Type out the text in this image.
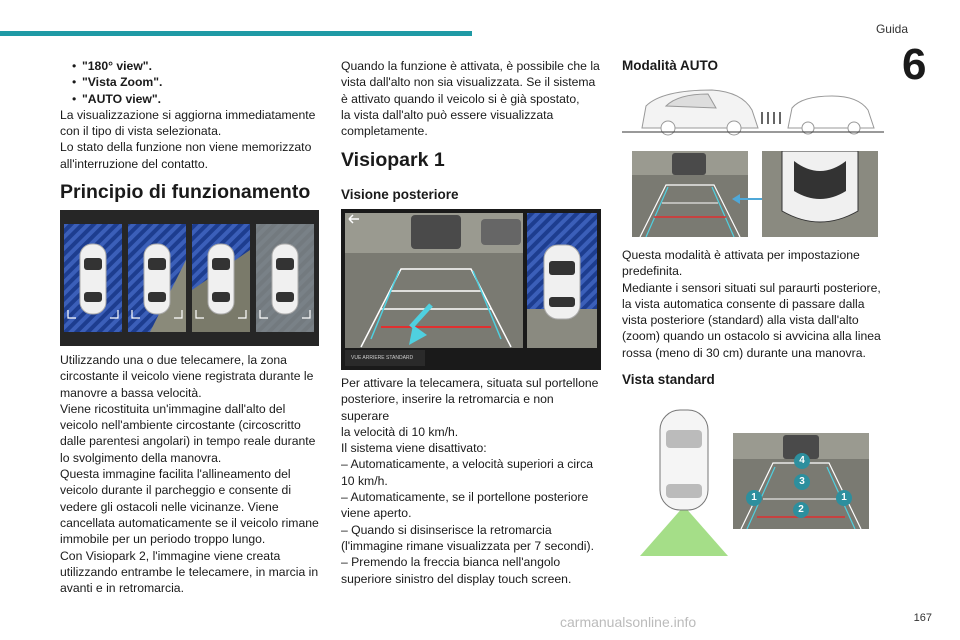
Guida
6
• "180° view".
• "Vista Zoom".
• "AUTO view".

La visualizzazione si aggiorna immediatamente
con il tipo di vista selezionata.
Lo stato della funzione non viene memorizzato
all'interruzione del contatto.

Principio di funzionamento

Utilizzando una o due telecamere, la zona
circostante il veicolo viene registrata durante le
manovre a bassa velocità.
Viene ricostituita un'immagine dall'alto del
veicolo nell'ambiente circostante (circoscritto
dalle parentesi angolari) in tempo reale durante
lo svolgimento della manovra.
Questa immagine facilita l'allineamento del
veicolo durante il parcheggio e consente di
vedere gli ostacoli nelle vicinanze. Viene
cancellata automaticamente se il veicolo rimane
immobile per un periodo troppo lungo.
Con Visiopark 2, l'immagine viene creata
utilizzando entrambe le telecamere, in marcia in
avanti e in retromarcia.

Quando la funzione è attivata, è possibile che la
vista dall'alto non sia visualizzata. Se il sistema
è attivato quando il veicolo si è già spostato,
la vista dall'alto può essere visualizzata
completamente.

Visiopark 1
Visione posteriore
VUE ARRIERE STANDARD

Per attivare la telecamera, situata sul portellone
posteriore, inserire la retromarcia e non superare
la velocità di 10 km/h.
Il sistema viene disattivato:
– Automaticamente, a velocità superiori a circa
10 km/h.
– Automaticamente, se il portellone posteriore
viene aperto.
– Quando si disinserisce la retromarcia
(l'immagine rimane visualizzata per 7 secondi).
– Premendo la freccia bianca nell'angolo
superiore sinistro del display touch screen.

Modalità AUTO

Questa modalità è attivata per impostazione
predefinita.
Mediante i sensori situati sul paraurti posteriore,
la vista automatica consente di passare dalla
vista posteriore (standard) alla vista dall'alto
(zoom) quando un ostacolo si avvicina alla linea
rossa (meno di 30 cm) durante una manovra.

Vista standard
4
3
1	1
2
carmanualsonline.info	167
